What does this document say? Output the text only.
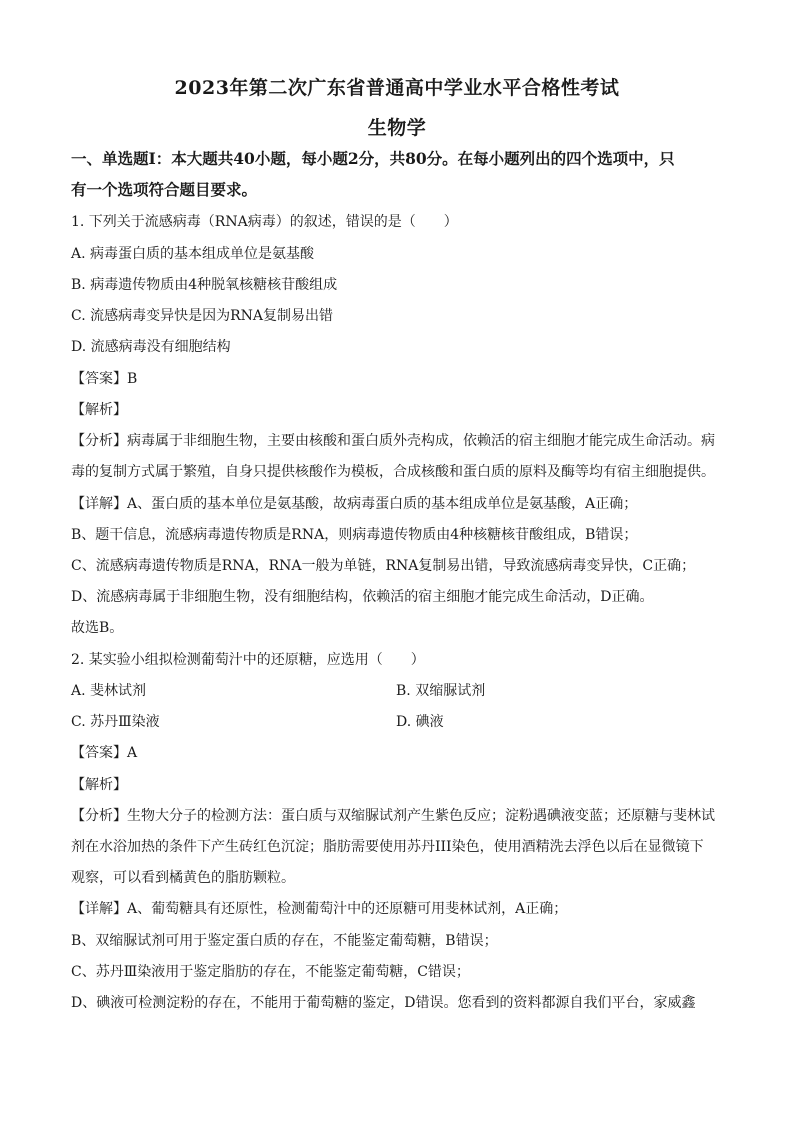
2023年第二次广东省普通高中学业水平合格性考试
生物学
一、单选题Ⅰ：本大题共40小题，每小题2分，共80分。在每小题列出的四个选项中，只
有一个选项符合题目要求。
1. 下列关于流感病毒（RNA病毒）的叙述，错误的是（　　）
A. 病毒蛋白质的基本组成单位是氨基酸
B. 病毒遗传物质由4种脱氧核糖核苷酸组成
C. 流感病毒变异快是因为RNA复制易出错
D. 流感病毒没有细胞结构
【答案】B
【解析】
【分析】病毒属于非细胞生物，主要由核酸和蛋白质外壳构成，依赖活的宿主细胞才能完成生命活动。病
毒的复制方式属于繁殖，自身只提供核酸作为模板，合成核酸和蛋白质的原料及酶等均有宿主细胞提供。
【详解】A、蛋白质的基本单位是氨基酸，故病毒蛋白质的基本组成单位是氨基酸，A正确；
B、题干信息，流感病毒遗传物质是RNA，则病毒遗传物质由4种核糖核苷酸组成，B错误；
C、流感病毒遗传物质是RNA，RNA一般为单链，RNA复制易出错，导致流感病毒变异快，C正确；
D、流感病毒属于非细胞生物，没有细胞结构，依赖活的宿主细胞才能完成生命活动，D正确。
故选B。
2. 某实验小组拟检测葡萄汁中的还原糖，应选用（　　）
A. 斐林试剂	B. 双缩脲试剂
C. 苏丹Ⅲ染液	D. 碘液
【答案】A
【解析】
【分析】生物大分子的检测方法：蛋白质与双缩脲试剂产生紫色反应；淀粉遇碘液变蓝；还原糖与斐林试
剂在水浴加热的条件下产生砖红色沉淀；脂肪需要使用苏丹III染色，使用酒精洗去浮色以后在显微镜下
观察，可以看到橘黄色的脂肪颗粒。
【详解】A、葡萄糖具有还原性，检测葡萄汁中的还原糖可用斐林试剂，A正确；
B、双缩脲试剂可用于鉴定蛋白质的存在，不能鉴定葡萄糖，B错误；
C、苏丹Ⅲ染液用于鉴定脂肪的存在，不能鉴定葡萄糖，C错误；
D、碘液可检测淀粉的存在，不能用于葡萄糖的鉴定，D错误。您看到的资料都源自我们平台，家威鑫
